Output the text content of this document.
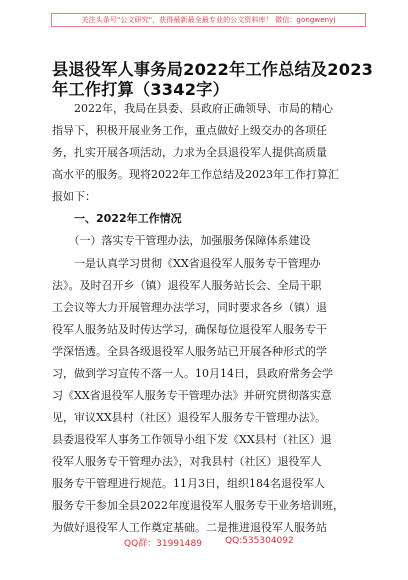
关注头条号"公文研究"，获得最新最全最专业的公文资料库！ 微信：gongwenyj
县退役军人事务局2022年工作总结及2023
年工作打算（3342字）
　　2022年，我局在县委、县政府正确领导、市局的精心
指导下，积极开展业务工作，重点做好上级交办的各项任
务，扎实开展各项活动，力求为全县退役军人提供高质量
高水平的服务。现将2022年工作总结及2023年工作打算汇
报如下：
　　一、2022年工作情况
　　（一）落实专干管理办法，加强服务保障体系建设
　　一是认真学习贯彻《XX省退役军人服务专干管理办
法》。及时召开乡（镇）退役军人服务站长会、全局干职
工会议等大力开展管理办法学习，同时要求各乡（镇）退
役军人服务站及时传达学习，确保每位退役军人服务专干
学深悟透。全县各级退役军人服务站已开展各种形式的学
习，做到学习宣传不落一人。10月14日，县政府常务会学
习《XX省退役军人服务专干管理办法》并研究贯彻落实意
见，审议XX县村（社区）退役军人服务专干管理办法》。
县委退役军人事务工作领导小组下发《XX县村（社区）退
役军人服务专干管理办法》，对我县村（社区）退役军人
服务专干管理进行规范。11月3日，组织184名退役军人
服务专干参加全县2022年度退役军人服务专干业务培训班，
为做好退役军人工作奠定基础。二是推进退役军人服务站
QQ群：31991489	QQ:535304092
